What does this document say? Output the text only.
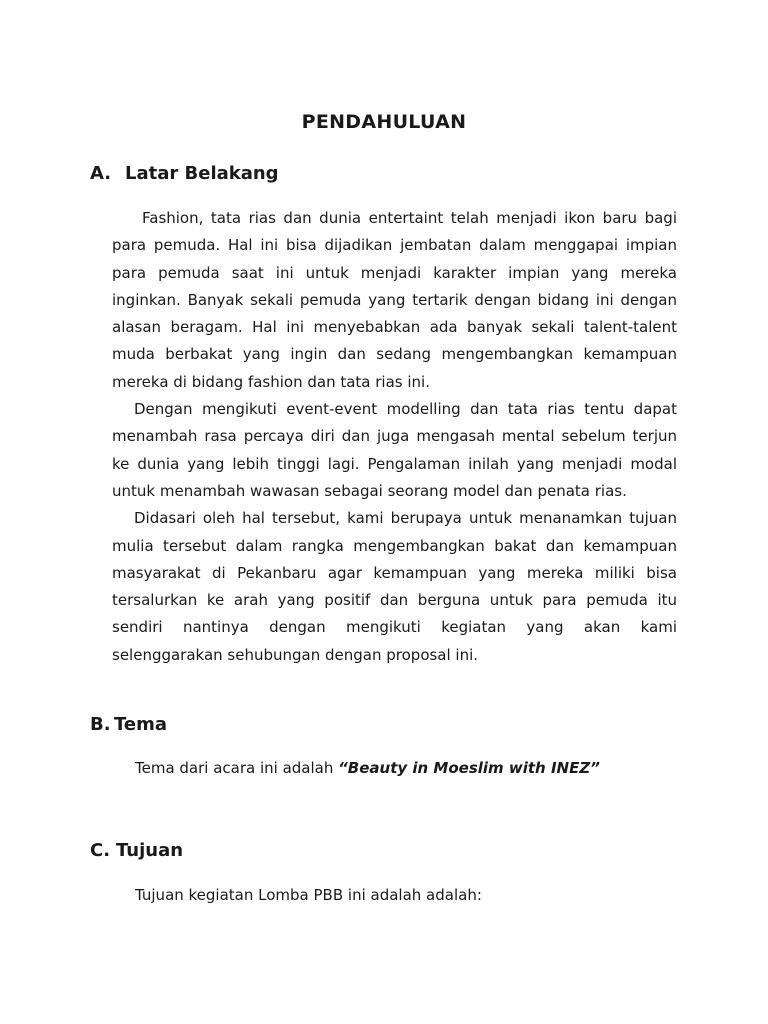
PENDAHULUAN
A. Latar Belakang

Fashion, tata rias dan dunia entertaint telah menjadi ikon baru bagi para pemuda. Hal ini bisa dijadikan jembatan dalam menggapai impian para pemuda saat ini untuk menjadi karakter impian yang mereka inginkan. Banyak sekali pemuda yang tertarik dengan bidang ini dengan alasan beragam. Hal ini menyebabkan ada banyak sekali talent-talent muda berbakat yang ingin dan sedang mengembangkan kemampuan mereka di bidang fashion dan tata rias ini.

Dengan mengikuti event-event modelling dan tata rias tentu dapat menambah rasa percaya diri dan juga mengasah mental sebelum terjun ke dunia yang lebih tinggi lagi. Pengalaman inilah yang menjadi modal untuk menambah wawasan sebagai seorang model dan penata rias.

Didasari oleh hal tersebut, kami berupaya untuk menanamkan tujuan mulia tersebut dalam rangka mengembangkan bakat dan kemampuan masyarakat di Pekanbaru agar kemampuan yang mereka miliki bisa tersalurkan ke arah yang positif dan berguna untuk para pemuda itu sendiri nantinya dengan mengikuti kegiatan yang akan kami selenggarakan sehubungan dengan proposal ini.

B. Tema
Tema dari acara ini adalah “Beauty in Moeslim with INEZ”
C. Tujuan
Tujuan kegiatan Lomba PBB ini adalah adalah:
